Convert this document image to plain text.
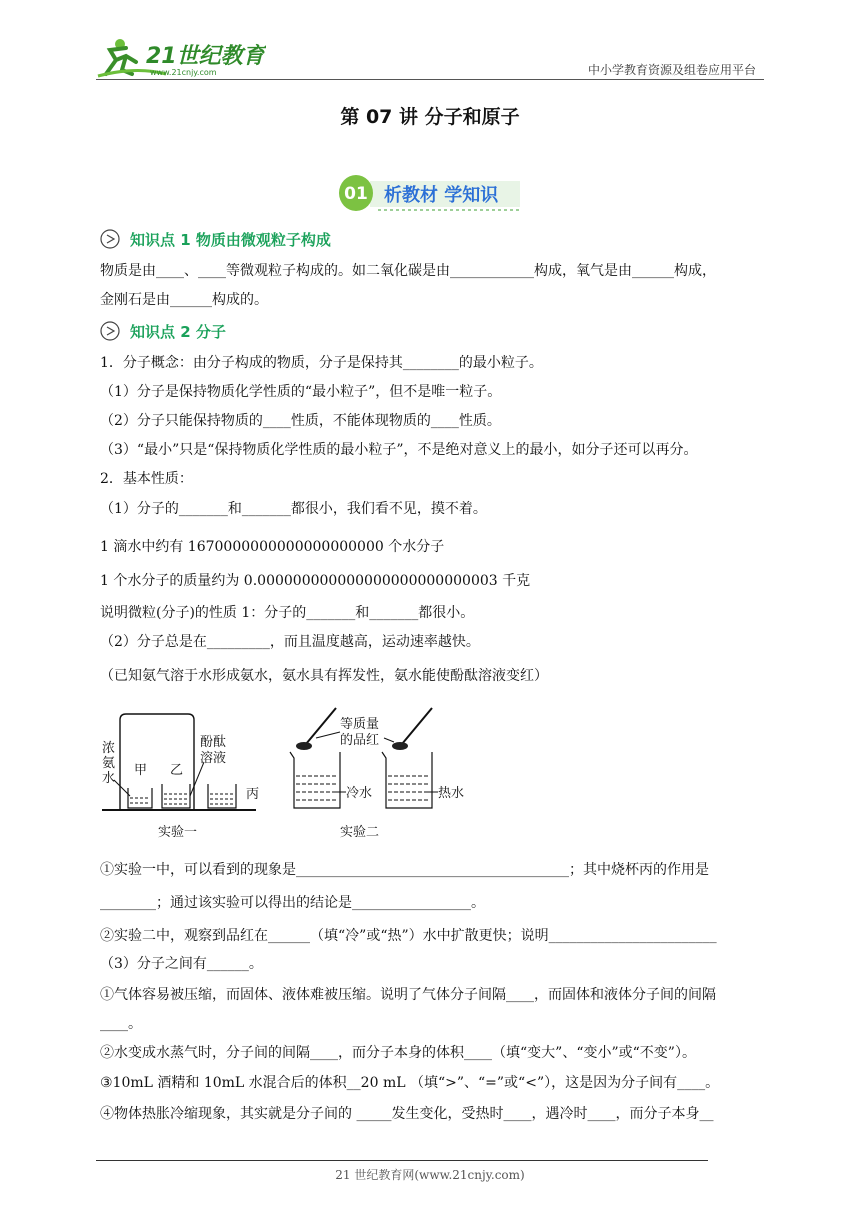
21世纪教育
www.21cnjy.com	中小学教育资源及组卷应用平台
第 07 讲 分子和原子
01 析教材 学知识
知识点 1 物质由微观粒子构成
物质是由____、____等微观粒子构成的。如二氧化碳是由____________构成，氧气是由______构成，
金刚石是由______构成的。
知识点 2 分子
1．分子概念：由分子构成的物质，分子是保持其________的最小粒子。
（1）分子是保持物质化学性质的“最小粒子”，但不是唯一粒子。
（2）分子只能保持物质的____性质，不能体现物质的____性质。
（3）“最小”只是“保持物质化学性质的最小粒子”，不是绝对意义上的最小，如分子还可以再分。
2．基本性质：
（1）分子的_______和_______都很小，我们看不见，摸不着。
1 滴水中约有 1670000000000000000000 个水分子
1 个水分子的质量约为 0.000000000000000000000000003 千克
说明微粒(分子)的性质 1：分子的_______和_______都很小。
（2）分子总是在_________，而且温度越高，运动速率越快。
（已知氨气溶于水形成氨水，氨水具有挥发性，氨水能使酚酞溶液变红）
浓
氨
水
甲 乙
酚酞
溶液
丙
实验一
等质量
的品红
冷水	热水
实验二
①实验一中，可以看到的现象是_______________________________________；其中烧杯丙的作用是
________；通过该实验可以得出的结论是_________________。
②实验二中，观察到品红在______（填“冷”或“热”）水中扩散更快；说明________________________
（3）分子之间有______。
①气体容易被压缩，而固体、液体难被压缩。说明了气体分子间隔____，而固体和液体分子间的间隔
____。
②水变成水蒸气时，分子间的间隔____，而分子本身的体积____（填“变大”、“变小”或“不变”）。
③10mL 酒精和 10mL 水混合后的体积__20 mL （填“>”、“=”或“<”），这是因为分子间有____。
④物体热胀冷缩现象，其实就是分子间的 _____发生变化，受热时____，遇冷时____，而分子本身__
21 世纪教育网(www.21cnjy.com)
